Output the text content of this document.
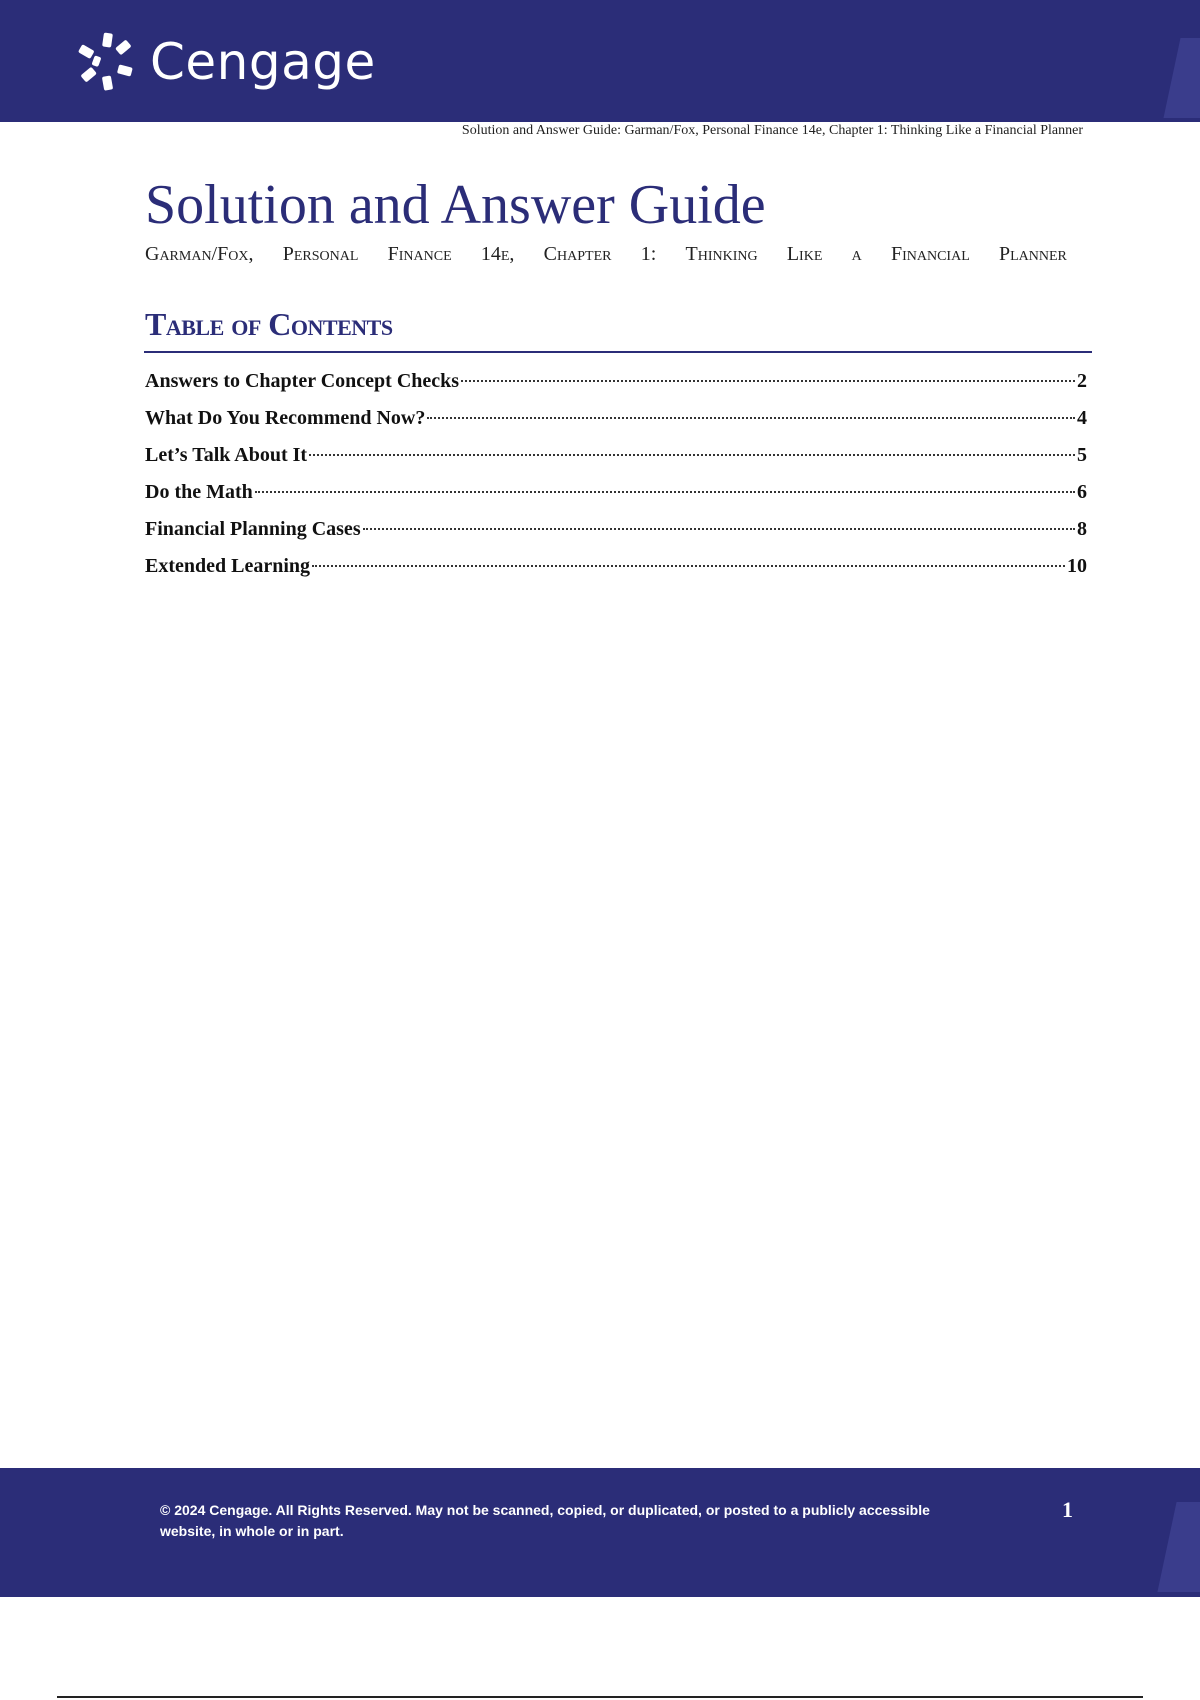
Cengage
Solution and Answer Guide: Garman/Fox, Personal Finance 14e, Chapter 1: Thinking Like a Financial Planner
Solution and Answer Guide
Garman/Fox, Personal Finance 14e, Chapter 1: Thinking Like a Financial Planner
Table of Contents
Answers to Chapter Concept Checks	2
What Do You Recommend Now?	4
Let’s Talk About It	5
Do the Math	6
Financial Planning Cases	8
Extended Learning	10
© 2024 Cengage. All Rights Reserved. May not be scanned, copied, or duplicated, or posted to a publicly accessible website, in whole or in part.
1
